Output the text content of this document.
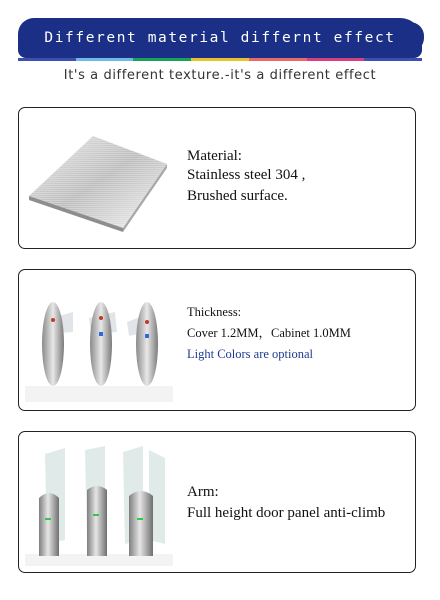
Different material differnt effect
It's a different texture.-it's a different effect
Material:
Stainless steel 304 ,
Brushed surface.
Thickness:
Cover 1.2MM，Cabinet 1.0MM
Light Colors are optional
Arm:
Full height door panel anti-climb
